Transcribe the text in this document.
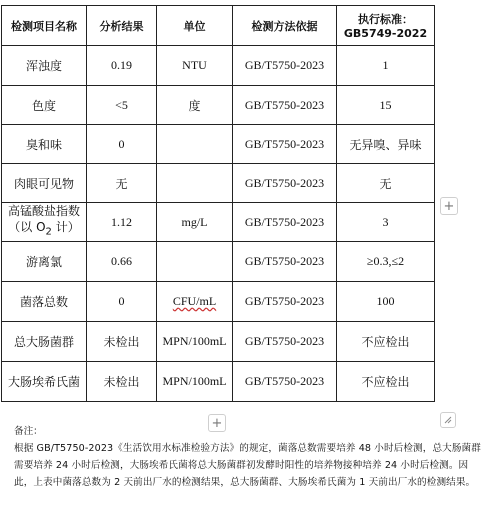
检测项目名称	分析结果	单位	检测方法依据	执行标准：
GB5749-2022

浑浊度	0.19	NTU	GB/T5750-2023	1
色度	<5	度	GB/T5750-2023	15
臭和味	0		GB/T5750-2023	无异嗅、异味
肉眼可见物	无		GB/T5750-2023	无

高锰酸盐指数
（以 $O_2$ 计）	1.12	mg/L	GB/T5750-2023	3
游离氯	0.66		GB/T5750-2023	≥0.3,≤2
菌落总数	0	CFU/mL	GB/T5750-2023	100
总大肠菌群	未检出	MPN/100mL	GB/T5750-2023	不应检出
大肠埃希氏菌	未检出	MPN/100mL	GB/T5750-2023	不应检出
+
+
备注：
根据 GB/T5750-2023《生活饮用水标准检验方法》的规定，菌落总数需要培养 48 小时后检测，总大肠菌群需要培养 24 小时后检测，大肠埃希氏菌将总大肠菌群初发酵时阳性的培养物接种培养 24 小时后检测。因此，上表中菌落总数为 2 天前出厂水的检测结果，总大肠菌群、大肠埃希氏菌为 1 天前出厂水的检测结果。
